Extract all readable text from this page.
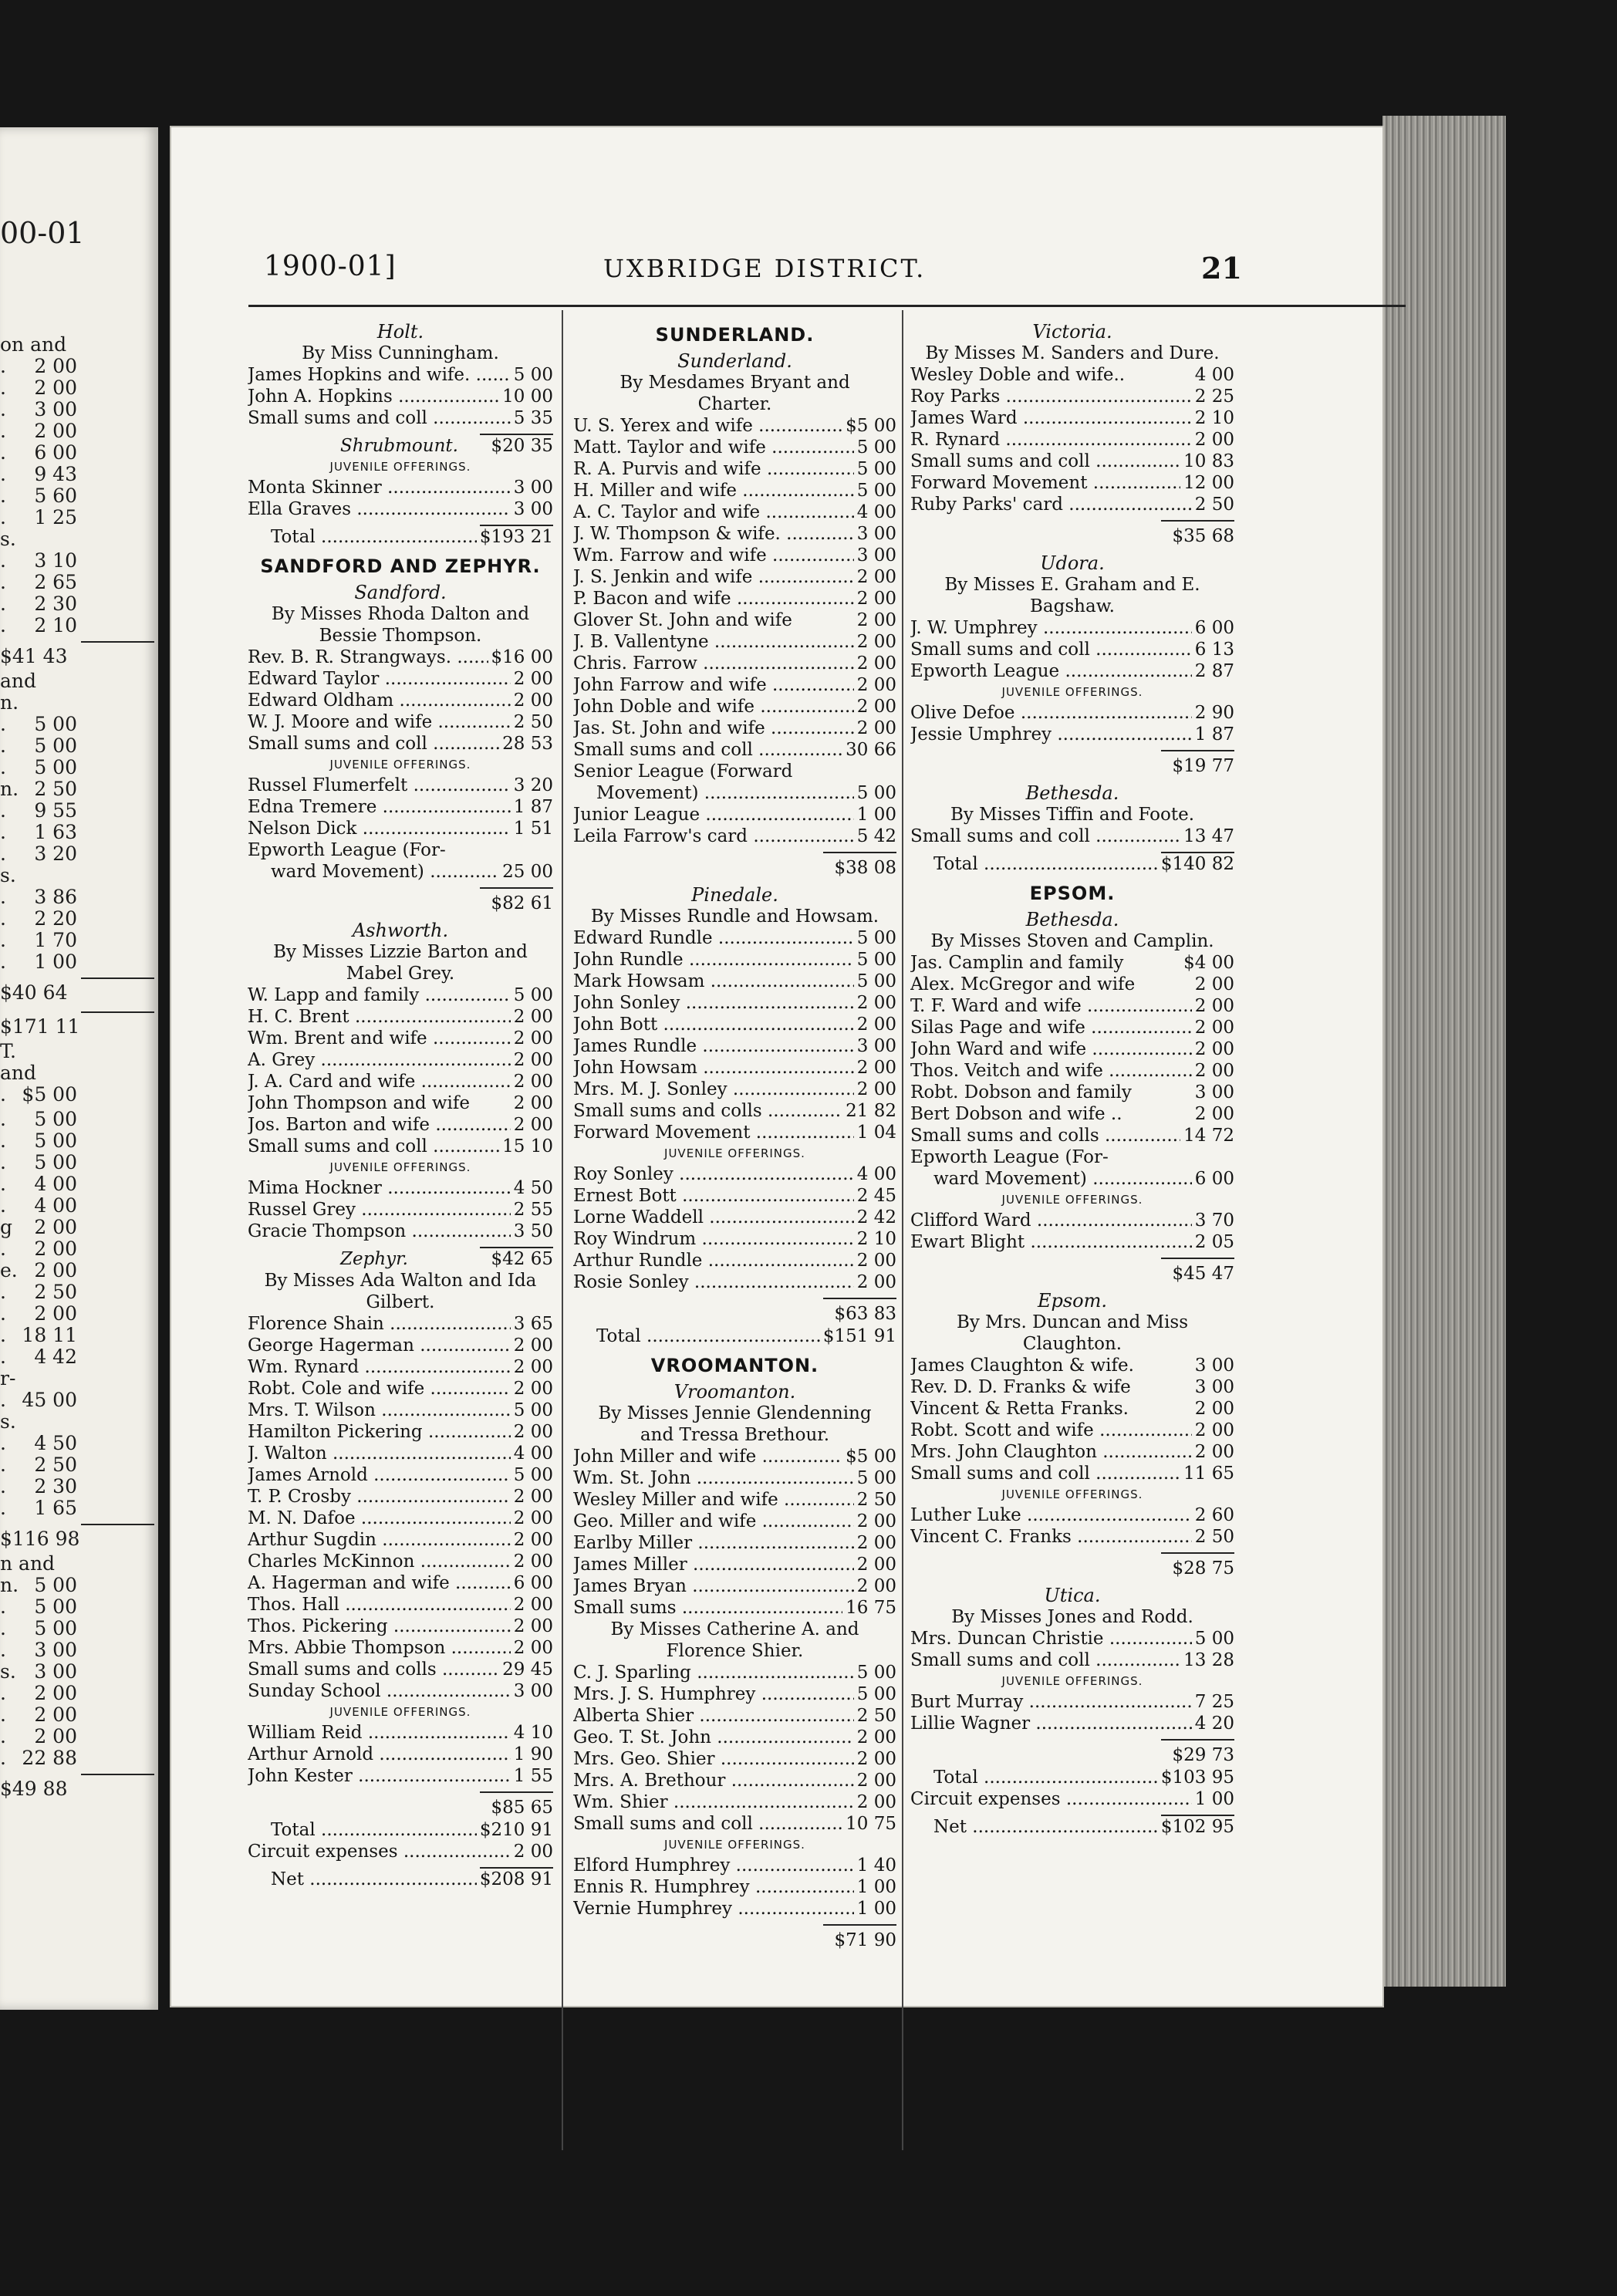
00-01
on and
. 2 00
. 2 00
. 3 00
. 2 00
. 6 00
. 9 43
. 5 60
. 1 25
s.
. 3 10
. 2 65
. 2 30
. 2 10
$41 43
and
n.
. 5 00
. 5 00
. 5 00
n. 2 50
. 9 55
. 1 63
. 3 20
s.
. 3 86
. 2 20
. 1 70
. 1 00
$40 64
$171 11
T.
and
. $5 00
. 5 00
. 5 00
. 5 00
. 4 00
. 4 00
g 2 00
. 2 00
e. 2 00
. 2 50
. 2 00
. 18 11
. 4 42
r-
. 45 00
s.
. 4 50
. 2 50
. 2 30
. 1 65
$116 98
n and
n. 5 00
. 5 00
. 5 00
. 3 00
s. 3 00
. 2 00
. 2 00
. 2 00
. 22 88
$49 88
1900-01]	UXBRIDGE DISTRICT.	21
Holt.
By Miss Cunningham.
James Hopkins and wife. .....	5 00
John A. Hopkins .....	10 00
Small sums and coll .....	5 35
Shrubmount.	$20 35
JUVENILE OFFERINGS.
Monta Skinner .....	3 00
Ella Graves .....	3 00
Total .....	$193 21
SANDFORD AND ZEPHYR.
Sandford.
By Misses Rhoda Dalton and Bessie Thompson.
Rev. B. R. Strangways. .....	$16 00
Edward Taylor .....	2 00
Edward Oldham .....	2 00
W. J. Moore and wife .....	2 50
Small sums and coll .....	28 53
JUVENILE OFFERINGS.
Russel Flumerfelt .....	3 20
Edna Tremere .....	1 87
Nelson Dick .....	1 51
Epworth League (For-
ward Movement) .....	25 00
$82 61
Ashworth.
By Misses Lizzie Barton and Mabel Grey.
W. Lapp and family .....	5 00
H. C. Brent .....	2 00
Wm. Brent and wife .....	2 00
A. Grey .....	2 00
J. A. Card and wife .....	2 00
John Thompson and wife	2 00
Jos. Barton and wife .....	2 00
Small sums and coll .....	15 10
JUVENILE OFFERINGS.
Mima Hockner .....	4 50
Russel Grey .....	2 55
Gracie Thompson .....	3 50
Zephyr.	$42 65
By Misses Ada Walton and Ida Gilbert.
Florence Shain .....	3 65
George Hagerman .....	2 00
Wm. Rynard .....	2 00
Robt. Cole and wife .....	2 00
Mrs. T. Wilson .....	5 00
Hamilton Pickering .....	2 00
J. Walton .....	4 00
James Arnold .....	5 00
T. P. Crosby .....	2 00
M. N. Dafoe .....	2 00
Arthur Sugdin .....	2 00
Charles McKinnon .....	2 00
A. Hagerman and wife .....	6 00
Thos. Hall .....	2 00
Thos. Pickering .....	2 00
Mrs. Abbie Thompson .....	2 00
Small sums and colls .....	29 45
Sunday School .....	3 00
JUVENILE OFFERINGS.
William Reid .....	4 10
Arthur Arnold .....	1 90
John Kester .....	1 55
$85 65
Total .....	$210 91
Circuit expenses .....	2 00
Net .....	$208 91
SUNDERLAND.
Sunderland.
By Mesdames Bryant and Charter.
U. S. Yerex and wife .....	$5 00
Matt. Taylor and wife .....	5 00
R. A. Purvis and wife .....	5 00
H. Miller and wife .....	5 00
A. C. Taylor and wife .....	4 00
J. W. Thompson & wife. .....	3 00
Wm. Farrow and wife .....	3 00
J. S. Jenkin and wife .....	2 00
P. Bacon and wife .....	2 00
Glover St. John and wife	2 00
J. B. Vallentyne .....	2 00
Chris. Farrow .....	2 00
John Farrow and wife .....	2 00
John Doble and wife .....	2 00
Jas. St. John and wife .....	2 00
Small sums and coll .....	30 66
Senior League (Forward
Movement) .....	5 00
Junior League .....	1 00
Leila Farrow's card .....	5 42
$38 08
Pinedale.
By Misses Rundle and Howsam.
Edward Rundle .....	5 00
John Rundle .....	5 00
Mark Howsam .....	5 00
John Sonley .....	2 00
John Bott .....	2 00
James Rundle .....	3 00
John Howsam .....	2 00
Mrs. M. J. Sonley .....	2 00
Small sums and colls .....	21 82
Forward Movement .....	1 04
JUVENILE OFFERINGS.
Roy Sonley .....	4 00
Ernest Bott .....	2 45
Lorne Waddell .....	2 42
Roy Windrum .....	2 10
Arthur Rundle .....	2 00
Rosie Sonley .....	2 00
$63 83
Total .....	$151 91
VROOMANTON.
Vroomanton.
By Misses Jennie Glendenning and Tressa Brethour.
John Miller and wife .....	$5 00
Wm. St. John .....	5 00
Wesley Miller and wife .....	2 50
Geo. Miller and wife .....	2 00
Earlby Miller .....	2 00
James Miller .....	2 00
James Bryan .....	2 00
Small sums .....	16 75
By Misses Catherine A. and Florence Shier.
C. J. Sparling .....	5 00
Mrs. J. S. Humphrey .....	5 00
Alberta Shier .....	2 50
Geo. T. St. John .....	2 00
Mrs. Geo. Shier .....	2 00
Mrs. A. Brethour .....	2 00
Wm. Shier .....	2 00
Small sums and coll .....	10 75
JUVENILE OFFERINGS.
Elford Humphrey .....	1 40
Ennis R. Humphrey .....	1 00
Vernie Humphrey .....	1 00
$71 90
Victoria.
By Misses M. Sanders and Dure.
Wesley Doble and wife..	4 00
Roy Parks .....	2 25
James Ward .....	2 10
R. Rynard .....	2 00
Small sums and coll .....	10 83
Forward Movement .....	12 00
Ruby Parks' card .....	2 50
$35 68
Udora.
By Misses E. Graham and E. Bagshaw.
J. W. Umphrey .....	6 00
Small sums and coll .....	6 13
Epworth League .....	2 87
JUVENILE OFFERINGS.
Olive Defoe .....	2 90
Jessie Umphrey .....	1 87
$19 77
Bethesda.
By Misses Tiffin and Foote.
Small sums and coll .....	13 47
Total .....	$140 82
EPSOM.
Bethesda.
By Misses Stoven and Camplin.
Jas. Camplin and family	$4 00
Alex. McGregor and wife	2 00
T. F. Ward and wife .....	2 00
Silas Page and wife .....	2 00
John Ward and wife .....	2 00
Thos. Veitch and wife .....	2 00
Robt. Dobson and family	3 00
Bert Dobson and wife ..	2 00
Small sums and colls .....	14 72
Epworth League (For-
ward Movement) .....	6 00
JUVENILE OFFERINGS.
Clifford Ward .....	3 70
Ewart Blight .....	2 05
$45 47
Epsom.
By Mrs. Duncan and Miss Claughton.
James Claughton & wife.	3 00
Rev. D. D. Franks & wife	3 00
Vincent & Retta Franks.	2 00
Robt. Scott and wife .....	2 00
Mrs. John Claughton .....	2 00
Small sums and coll .....	11 65
JUVENILE OFFERINGS.
Luther Luke .....	2 60
Vincent C. Franks .....	2 50
$28 75
Utica.
By Misses Jones and Rodd.
Mrs. Duncan Christie .....	5 00
Small sums and coll .....	13 28
JUVENILE OFFERINGS.
Burt Murray .....	7 25
Lillie Wagner .....	4 20
$29 73
Total .....	$103 95
Circuit expenses .....	1 00
Net .....	$102 95
